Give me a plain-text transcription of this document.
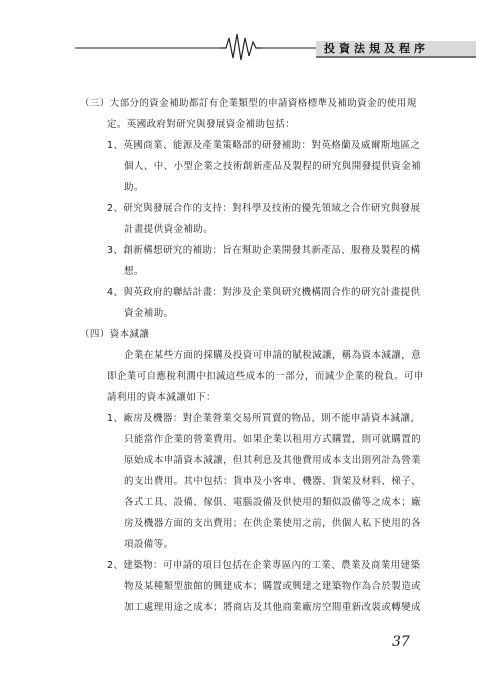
投資法規及程序
（三）大部分的資金補助都訂有企業類型的申請資格標準及補助資金的使用規
定。英國政府對研究與發展資金補助包括：
1、英國商業、能源及產業策略部的研發補助：對英格蘭及威爾斯地區之
個人、中、小型企業之技術創新產品及製程的研究與開發提供資金補
助。
2、研究與發展合作的支持：對科學及技術的優先領域之合作研究與發展
計畫提供資金補助。
3、創新構想研究的補助：旨在幫助企業開發其新產品、服務及製程的構
想。
4、與英政府的聯結計畫：對涉及企業與研究機構間合作的研究計畫提供
資金補助。
（四）資本減讓
企業在某些方面的採購及投資可申請的賦稅減讓，稱為資本減讓，意
即企業可自應稅利潤中扣減這些成本的一部分，而減少企業的稅負。可申
請利用的資本減讓如下：
1、廠房及機器：對企業營業交易所買賣的物品，則不能申請資本減讓，
只能當作企業的營業費用。如果企業以租用方式購置，則可就購置的
原始成本申請資本減讓，但其利息及其他費用成本支出則列計為營業
的支出費用。其中包括：貨車及小客車、機器、貨架及材料、梯子、
各式工具、設備、傢俱、電腦設備及供使用的類似設備等之成本；廠
房及機器方面的支出費用；在供企業使用之前，供個人私下使用的各
項設備等。
2、建築物：可申請的項目包括在企業專區內的工業、農業及商業用建築
物及某種類型旅館的興建成本；購置或興建之建築物作為合於製造或
加工處理用途之成本；將商店及其他商業廠房空間重新改裝或轉變成
37
